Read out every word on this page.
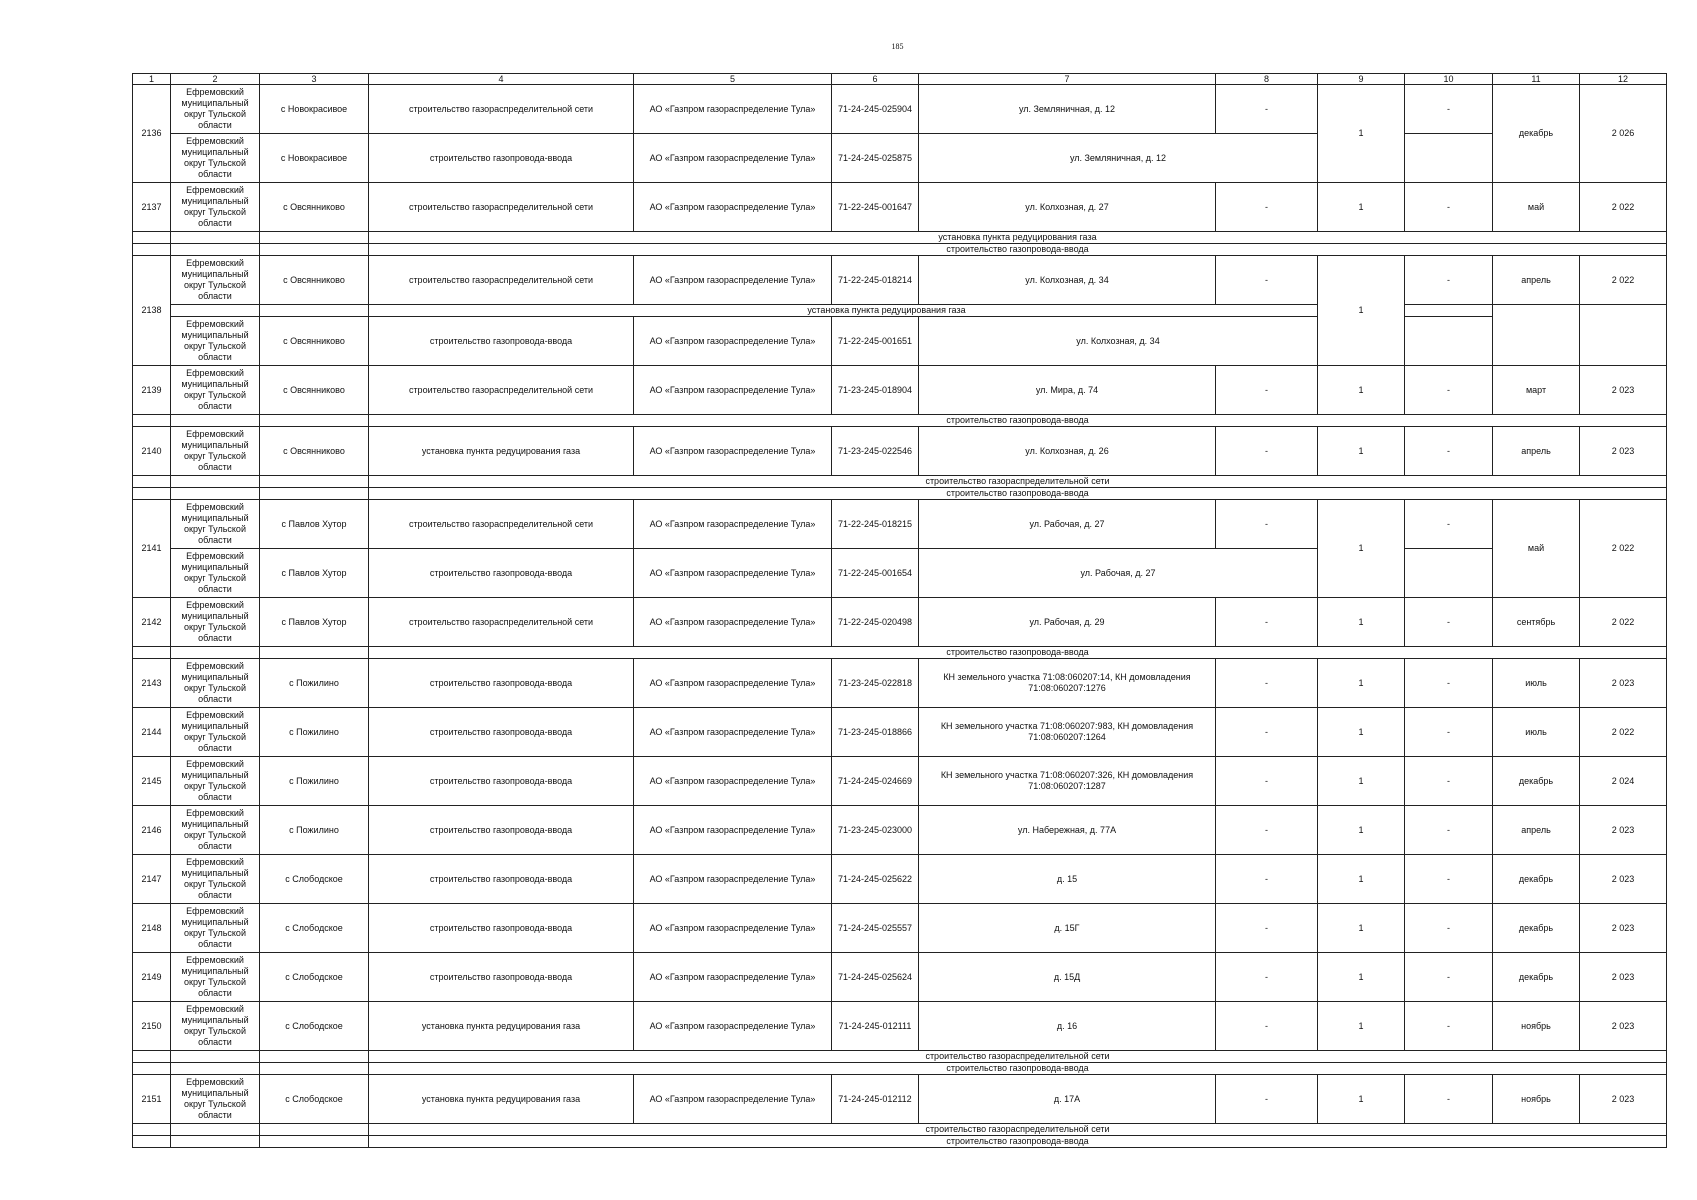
185
1	2	3	4	5	6	7	8	9	10	11	12
2136	Ефремовский муниципальный округ Тульской области	с Новокрасивое	строительство газораспределительной сети	АО «Газпром газораспределение Тула»	71-24-245-025904	ул. Земляничная, д. 12	-	1	-	декабрь	2 026
	Ефремовский муниципальный округ Тульской области	с Новокрасивое	строительство газопровода-ввода	АО «Газпром газораспределение Тула»	71-24-245-025875	ул. Земляничная, д. 12					
2137	Ефремовский муниципальный округ Тульской области	с Овсянниково	строительство газораспределительной сети	АО «Газпром газораспределение Тула»	71-22-245-001647	ул. Колхозная, д. 27	-	1	-	май	2 022
			установка пункта редуцирования газа								
			строительство газопровода-ввода								
2138	Ефремовский муниципальный округ Тульской области	с Овсянниково	строительство газораспределительной сети	АО «Газпром газораспределение Тула»	71-22-245-018214	ул. Колхозная, д. 34	-	1	-	апрель	2 022
			установка пункта редуцирования газа								
	Ефремовский муниципальный округ Тульской области	с Овсянниково	строительство газопровода-ввода	АО «Газпром газораспределение Тула»	71-22-245-001651	ул. Колхозная, д. 34					
2139	Ефремовский муниципальный округ Тульской области	с Овсянниково	строительство газораспределительной сети	АО «Газпром газораспределение Тула»	71-23-245-018904	ул. Мира, д. 74	-	1	-	март	2 023
			строительство газопровода-ввода								
2140	Ефремовский муниципальный округ Тульской области	с Овсянниково	установка пункта редуцирования газа	АО «Газпром газораспределение Тула»	71-23-245-022546	ул. Колхозная, д. 26	-	1	-	апрель	2 023
			строительство газораспределительной сети								
			строительство газопровода-ввода								
2141	Ефремовский муниципальный округ Тульской области	с Павлов Хутор	строительство газораспределительной сети	АО «Газпром газораспределение Тула»	71-22-245-018215	ул. Рабочая, д. 27	-	1	-	май	2 022
	Ефремовский муниципальный округ Тульской области	с Павлов Хутор	строительство газопровода-ввода	АО «Газпром газораспределение Тула»	71-22-245-001654	ул. Рабочая, д. 27					
2142	Ефремовский муниципальный округ Тульской области	с Павлов Хутор	строительство газораспределительной сети	АО «Газпром газораспределение Тула»	71-22-245-020498	ул. Рабочая, д. 29	-	1	-	сентябрь	2 022
			строительство газопровода-ввода								
2143	Ефремовский муниципальный округ Тульской области	с Пожилино	строительство газопровода-ввода	АО «Газпром газораспределение Тула»	71-23-245-022818	КН земельного участка 71:08:060207:14, КН домовладения 71:08:060207:1276	-	1	-	июль	2 023
2144	Ефремовский муниципальный округ Тульской области	с Пожилино	строительство газопровода-ввода	АО «Газпром газораспределение Тула»	71-23-245-018866	КН земельного участка 71:08:060207:983, КН домовладения 71:08:060207:1264	-	1	-	июль	2 022
2145	Ефремовский муниципальный округ Тульской области	с Пожилино	строительство газопровода-ввода	АО «Газпром газораспределение Тула»	71-24-245-024669	КН земельного участка 71:08:060207:326, КН домовладения 71:08:060207:1287	-	1	-	декабрь	2 024
2146	Ефремовский муниципальный округ Тульской области	с Пожилино	строительство газопровода-ввода	АО «Газпром газораспределение Тула»	71-23-245-023000	ул. Набережная, д. 77А	-	1	-	апрель	2 023
2147	Ефремовский муниципальный округ Тульской области	с Слободское	строительство газопровода-ввода	АО «Газпром газораспределение Тула»	71-24-245-025622	д. 15	-	1	-	декабрь	2 023
2148	Ефремовский муниципальный округ Тульской области	с Слободское	строительство газопровода-ввода	АО «Газпром газораспределение Тула»	71-24-245-025557	д. 15Г	-	1	-	декабрь	2 023
2149	Ефремовский муниципальный округ Тульской области	с Слободское	строительство газопровода-ввода	АО «Газпром газораспределение Тула»	71-24-245-025624	д. 15Д	-	1	-	декабрь	2 023
2150	Ефремовский муниципальный округ Тульской области	с Слободское	установка пункта редуцирования газа	АО «Газпром газораспределение Тула»	71-24-245-012111	д. 16	-	1	-	ноябрь	2 023
			строительство газораспределительной сети								
			строительство газопровода-ввода								
2151	Ефремовский муниципальный округ Тульской области	с Слободское	установка пункта редуцирования газа	АО «Газпром газораспределение Тула»	71-24-245-012112	д. 17А	-	1	-	ноябрь	2 023
			строительство газораспределительной сети								
			строительство газопровода-ввода								
